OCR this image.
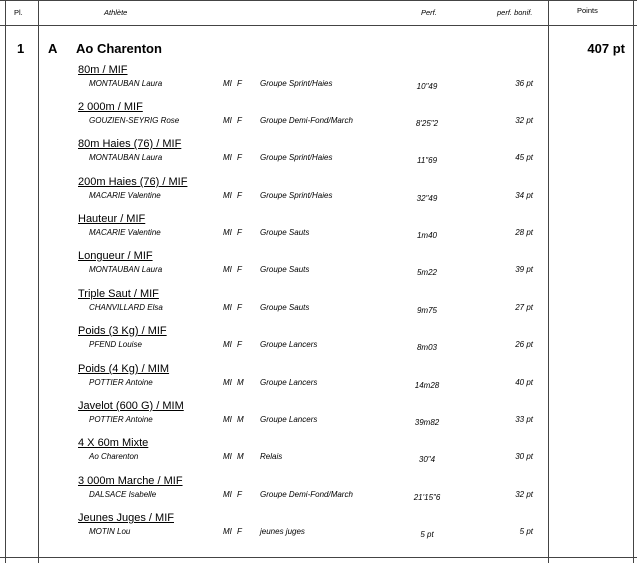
Pl.	Athlète	Perf.	perf. bonif.	Points
1 A Ao Charenton	407 pt
80m / MIF
MONTAUBAN Laura	MI F Groupe Sprint/Haies	10"49	36 pt
2 000m / MIF
GOUZIEN-SEYRIG Rose	MI F Groupe Demi-Fond/March	8'25"2	32 pt
80m Haies (76) / MIF
MONTAUBAN Laura	MI F Groupe Sprint/Haies	11"69	45 pt
200m Haies (76) / MIF
MACARIE Valentine	MI F Groupe Sprint/Haies	32"49	34 pt
Hauteur / MIF
MACARIE Valentine	MI F Groupe Sauts	1m40	28 pt
Longueur / MIF
MONTAUBAN Laura	MI F Groupe Sauts	5m22	39 pt
Triple Saut / MIF
CHANVILLARD Elsa	MI F Groupe Sauts	9m75	27 pt
Poids (3 Kg) / MIF
PFEND Louise	MI F Groupe Lancers	8m03	26 pt
Poids (4 Kg) / MIM
POTTIER Antoine	MI M Groupe Lancers	14m28	40 pt
Javelot (600 G) / MIM
POTTIER Antoine	MI M Groupe Lancers	39m82	33 pt
4 X 60m Mixte
Ao Charenton	MI M Relais	30"4	30 pt
3 000m Marche / MIF
DALSACE Isabelle	MI F Groupe Demi-Fond/March	21'15"6	32 pt
Jeunes Juges / MIF
MOTIN Lou	MI F jeunes juges	5 pt	5 pt
